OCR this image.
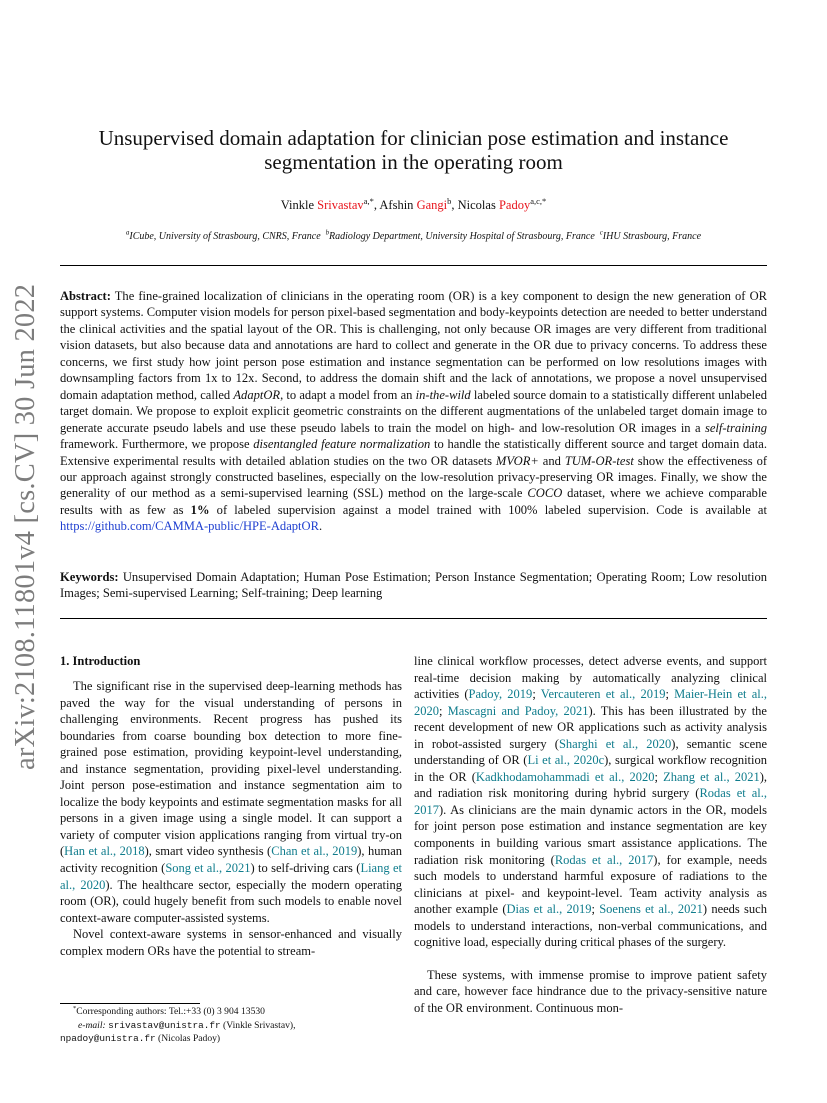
arXiv:2108.11801v4 [cs.CV] 30 Jun 2022
Unsupervised domain adaptation for clinician pose estimation and instance segmentation in the operating room
Vinkle Srivastav$^{a,*}$, Afshin Gangi$^b$, Nicolas Padoy$^{a,c,*}$
$^a$ICube, University of Strasbourg, CNRS, France $^b$Radiology Department, University Hospital of Strasbourg, France $^c$IHU Strasbourg, France
Abstract: The fine-grained localization of clinicians in the operating room (OR) is a key component to design the new generation of OR support systems. Computer vision models for person pixel-based segmentation and body-keypoints detection are needed to better understand the clinical activities and the spatial layout of the OR. This is challenging, not only because OR images are very different from traditional vision datasets, but also because data and annotations are hard to collect and generate in the OR due to privacy concerns. To address these concerns, we first study how joint person pose estimation and instance segmentation can be performed on low resolutions images with downsampling factors from 1x to 12x. Second, to address the domain shift and the lack of annotations, we propose a novel unsupervised domain adaptation method, called AdaptOR, to adapt a model from an in-the-wild labeled source domain to a statistically different unlabeled target domain. We propose to exploit explicit geometric constraints on the different augmentations of the unlabeled target domain image to generate accurate pseudo labels and use these pseudo labels to train the model on high- and low-resolution OR images in a self-training framework. Furthermore, we propose disentangled feature normalization to handle the statistically different source and target domain data. Extensive experimental results with detailed ablation studies on the two OR datasets MVOR+ and TUM-OR-test show the effectiveness of our approach against strongly constructed baselines, especially on the low-resolution privacy-preserving OR images. Finally, we show the generality of our method as a semi-supervised learning (SSL) method on the large-scale COCO dataset, where we achieve comparable results with as few as 1% of labeled supervision against a model trained with 100% labeled supervision. Code is available at https://github.com/CAMMA-public/HPE-AdaptOR.
Keywords: Unsupervised Domain Adaptation; Human Pose Estimation; Person Instance Segmentation; Operating Room; Low resolution Images; Semi-supervised Learning; Self-training; Deep learning
1. Introduction
The significant rise in the supervised deep-learning methods has paved the way for the visual understanding of persons in challenging environments. Recent progress has pushed its boundaries from coarse bounding box detection to more fine-grained pose estimation, providing keypoint-level understanding, and instance segmentation, providing pixel-level understanding. Joint person pose-estimation and instance segmentation aim to localize the body keypoints and estimate segmentation masks for all persons in a given image using a single model. It can support a variety of computer vision applications ranging from virtual try-on (Han et al., 2018), smart video synthesis (Chan et al., 2019), human activity recognition (Song et al., 2021) to self-driving cars (Liang et al., 2020). The healthcare sector, especially the modern operating room (OR), could hugely benefit from such models to enable novel context-aware computer-assisted systems.
Novel context-aware systems in sensor-enhanced and visually complex modern ORs have the potential to stream-
line clinical workflow processes, detect adverse events, and support real-time decision making by automatically analyzing clinical activities (Padoy, 2019; Vercauteren et al., 2019; Maier-Hein et al., 2020; Mascagni and Padoy, 2021). This has been illustrated by the recent development of new OR applications such as activity analysis in robot-assisted surgery (Sharghi et al., 2020), semantic scene understanding of OR (Li et al., 2020c), surgical workflow recognition in the OR (Kadkhodamohammadi et al., 2020; Zhang et al., 2021), and radiation risk monitoring during hybrid surgery (Rodas et al., 2017). As clinicians are the main dynamic actors in the OR, models for joint person pose estimation and instance segmentation are key components in building various smart assistance applications. The radiation risk monitoring (Rodas et al., 2017), for example, needs such models to understand harmful exposure of radiations to the clinicians at pixel- and keypoint-level. Team activity analysis as another example (Dias et al., 2019; Soenens et al., 2021) needs such models to understand interactions, non-verbal communications, and cognitive load, especially during critical phases of the surgery.
These systems, with immense promise to improve patient safety and care, however face hindrance due to the privacy-sensitive nature of the OR environment. Continuous mon-
*Corresponding authors: Tel.:+33 (0) 3 904 13530
e-mail: srivastav@unistra.fr (Vinkle Srivastav),
npadoy@unistra.fr (Nicolas Padoy)
